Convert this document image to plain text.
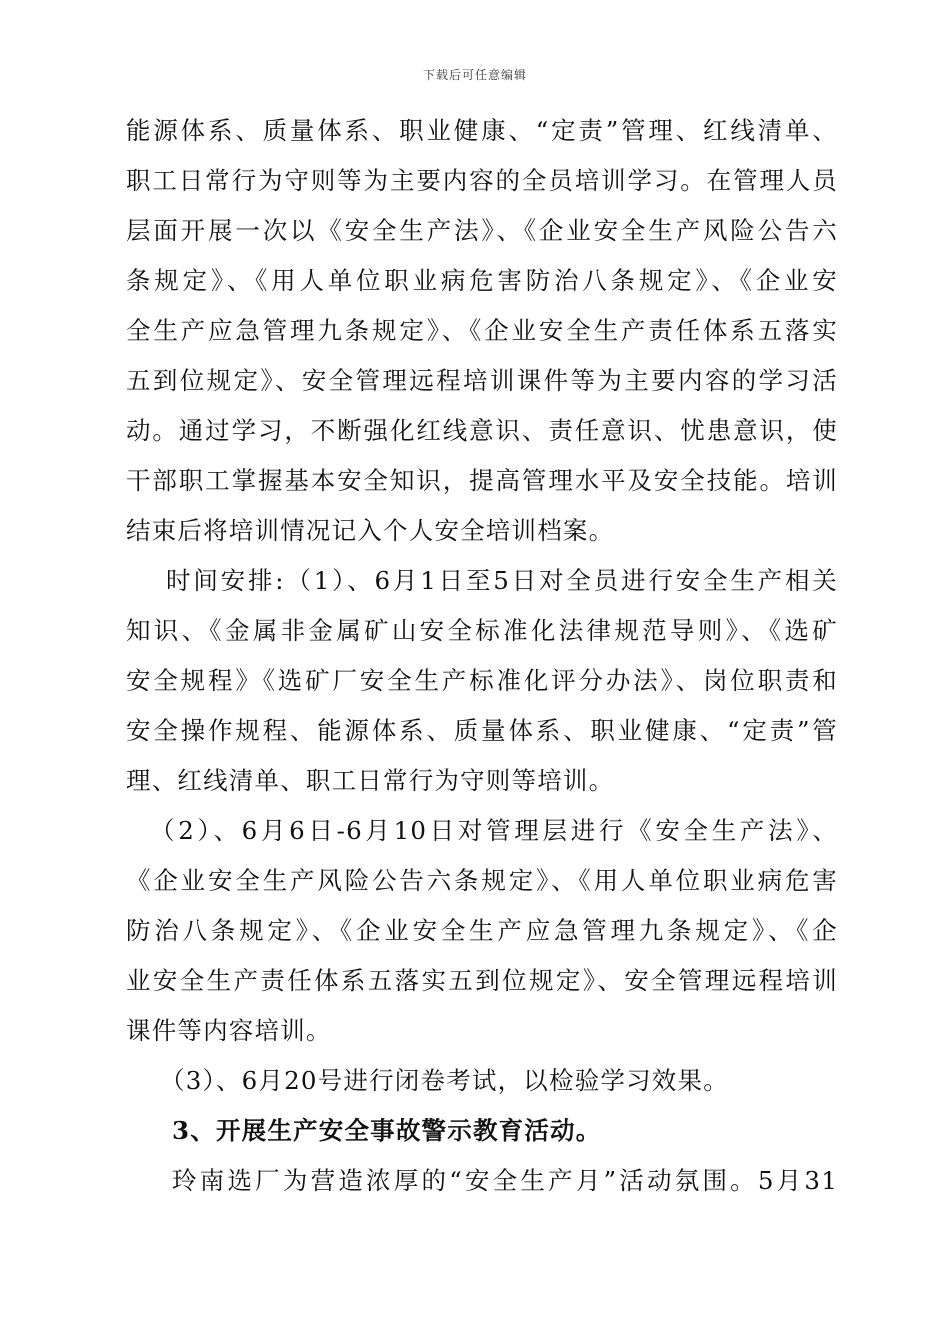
下载后可任意编辑
能源体系、质量体系、职业健康、“定责”管理、红线清单、
职工日常行为守则等为主要内容的全员培训学习。在管理人员
层面开展一次以《安全生产法》、《企业安全生产风险公告六
条规定》、《用人单位职业病危害防治八条规定》、《企业安
全生产应急管理九条规定》、《企业安全生产责任体系五落实
五到位规定》、安全管理远程培训课件等为主要内容的学习活
动。通过学习，不断强化红线意识、责任意识、忧患意识，使
干部职工掌握基本安全知识，提高管理水平及安全技能。培训
结束后将培训情况记入个人安全培训档案。
时间安排:（1）、6月1日至5日对全员进行安全生产相关
知识、《金属非金属矿山安全标准化法律规范导则》、《选矿
安全规程》《选矿厂安全生产标准化评分办法》、岗位职责和
安全操作规程、能源体系、质量体系、职业健康、“定责”管
理、红线清单、职工日常行为守则等培训。
（2）、6月6日-6月10日对管理层进行《安全生产法》、
《企业安全生产风险公告六条规定》、《用人单位职业病危害
防治八条规定》、《企业安全生产应急管理九条规定》、《企
业安全生产责任体系五落实五到位规定》、安全管理远程培训
课件等内容培训。
（3）、6月20号进行闭卷考试，以检验学习效果。
3、开展生产安全事故警示教育活动。
玲南选厂为营造浓厚的“安全生产月”活动氛围。5月31
